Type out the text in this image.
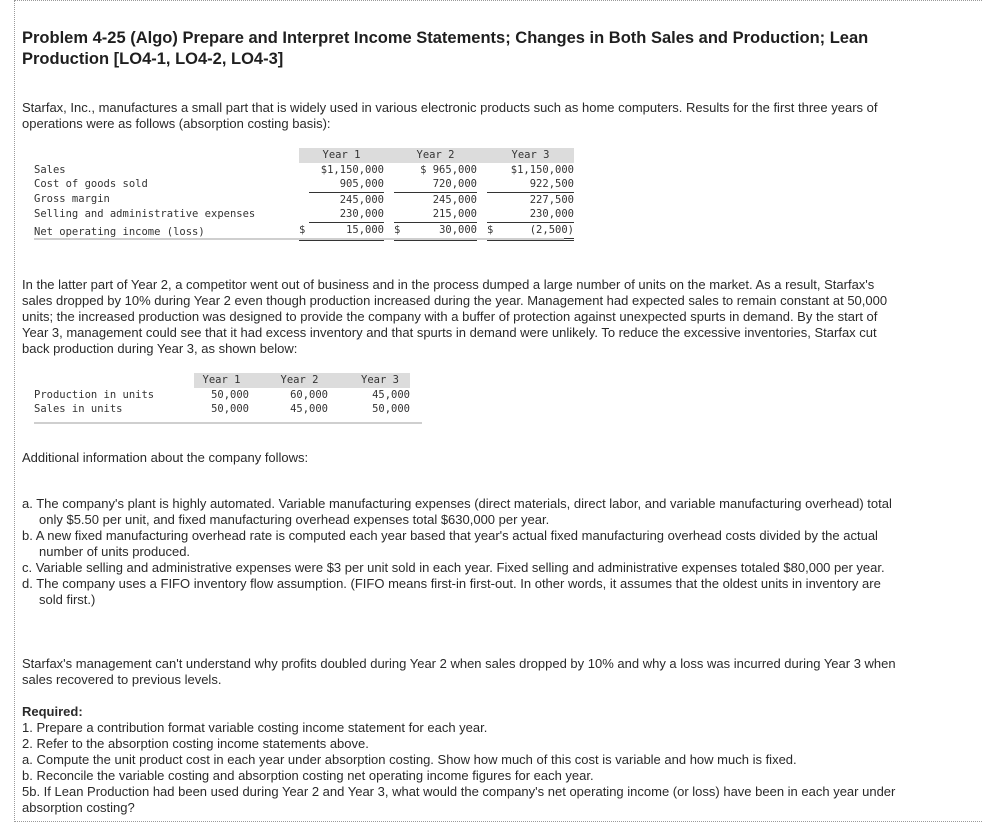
Problem 4-25 (Algo) Prepare and Interpret Income Statements; Changes in Both Sales and Production; Lean Production [LO4-1, LO4-2, LO4-3]
Starfax, Inc., manufactures a small part that is widely used in various electronic products such as home computers. Results for the first three years of operations were as follows (absorption costing basis):
	Year 1			Year 2			Year 3	
Sales		$1,150,000			$ 965,000			$1,150,000
Cost of goods sold		905,000			720,000			922,500
Gross margin		245,000			245,000			227,500
Selling and administrative expenses		230,000			215,000			230,000
Net operating income (loss)	$	15,000		$	30,000		$	(2,500)
In the latter part of Year 2, a competitor went out of business and in the process dumped a large number of units on the market. As a result, Starfax's sales dropped by 10% during Year 2 even though production increased during the year. Management had expected sales to remain constant at 50,000 units; the increased production was designed to provide the company with a buffer of protection against unexpected spurts in demand. By the start of Year 3, management could see that it had excess inventory and that spurts in demand were unlikely. To reduce the excessive inventories, Starfax cut back production during Year 3, as shown below:
	Year 1		Year 2		Year 3
Production in units	50,000		60,000		45,000
Sales in units	50,000		45,000		50,000
Additional information about the company follows:
a. The company's plant is highly automated. Variable manufacturing expenses (direct materials, direct labor, and variable manufacturing overhead) total only $5.50 per unit, and fixed manufacturing overhead expenses total $630,000 per year.
b. A new fixed manufacturing overhead rate is computed each year based that year's actual fixed manufacturing overhead costs divided by the actual number of units produced.
c. Variable selling and administrative expenses were $3 per unit sold in each year. Fixed selling and administrative expenses totaled $80,000 per year.
d. The company uses a FIFO inventory flow assumption. (FIFO means first-in first-out. In other words, it assumes that the oldest units in inventory are sold first.)
Starfax's management can't understand why profits doubled during Year 2 when sales dropped by 10% and why a loss was incurred during Year 3 when sales recovered to previous levels.
Required:
1. Prepare a contribution format variable costing income statement for each year.
2. Refer to the absorption costing income statements above.
a. Compute the unit product cost in each year under absorption costing. Show how much of this cost is variable and how much is fixed.
b. Reconcile the variable costing and absorption costing net operating income figures for each year.
5b. If Lean Production had been used during Year 2 and Year 3, what would the company's net operating income (or loss) have been in each year under absorption costing?
